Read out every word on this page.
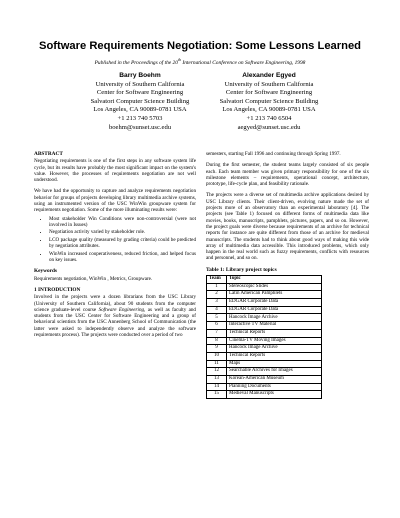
Software Requirements Negotiation: Some Lessons Learned
Published in the Proceedings of the 20th International Conference on Software Engineering, 1998
Barry Boehm
University of Southern California
Center for Software Engineering
Salvatori Computer Science Building
Los Angeles, CA 90089-0781 USA
+1 213 740 5703
boehm@sunset.usc.edu
Alexander Egyed
University of Southern California
Center for Software Engineering
Salvatori Computer Science Building
Los Angeles, CA 90089-0781 USA
+1 213 740 6504
aegyed@sunset.usc.edu
ABSTRACT

Negotiating requirements is one of the first steps in any software system life cycle, but its results have probably the most significant impact on the system's value. However, the processes of requirements negotiation are not well understood.

We have had the opportunity to capture and analyze requirements negotiation behavior for groups of projects developing library multimedia archive systems, using an instrumented version of the USC WinWin groupware system for requirements negotiation. Some of the more illuminating results were:

• Most stakeholder Win Conditions were non-controversial (were not involved in Issues)
• Negotiation activity varied by stakeholder role.
• LCO package quality (measured by grading criteria) could be predicted by negotiation attributes.
• WinWin increased cooperativeness, reduced friction, and helped focus on key issues.
Keywords

Requirements negotiation, WinWin , Metrics, Groupware.

1 INTRODUCTION

Involved in the projects were a dozen librarians from the USC Library (University of Southern California), about 90 students from the computer science graduate-level course Software Engineering, as well as faculty and students from the USC Center for Software Engineering and a group of behavioral scientists from the USC Annenberg School of Communication (the latter were asked to independently observe and analyze the software requirements process). The projects were conducted over a period of two

semesters, starting Fall 1996 and continuing through Spring 1997.

During the first semester, the student teams largely consisted of six people each. Each team member was given primary responsibility for one of the six milestone elements – requirements, operational concept, architecture, prototype, life-cycle plan, and feasibility rationale.

The projects were a diverse set of multimedia archive applications desired by USC Library clients. Their client-driven, evolving nature made the set of projects more of an observatory than an experimental laboratory [4]. The projects (see Table 1) focused on different forms of multimedia data like movies, books, manuscripts, pamphlets, pictures, papers, and so on. However, the project goals were diverse because requirements of an archive for technical reports for instance are quite different from those of an archive for medieval manuscripts. The students had to think about good ways of making this wide array of multimedia data accessible. This introduced problems, which only happen in the real world such as fuzzy requirements, conflicts with resources and personnel, and so on.

Table 1: Library project topics
Team	Topic
1	Stereoscopic Slides
2	Latin American Pamphlets
3	EDGAR Corporate Data
4	EDGAR Corporate Data
5	Hancock Image Archive
6	Interactive TV Material
7	Technical Reports
8	Cinema-TV Moving Images
9	Hancock Image Archive
10	Technical Reports
11	Maps
12	Searchable Archives for Images
13	Korean-American Museum
14	Planning Documents
15	Medieval Manuscripts
